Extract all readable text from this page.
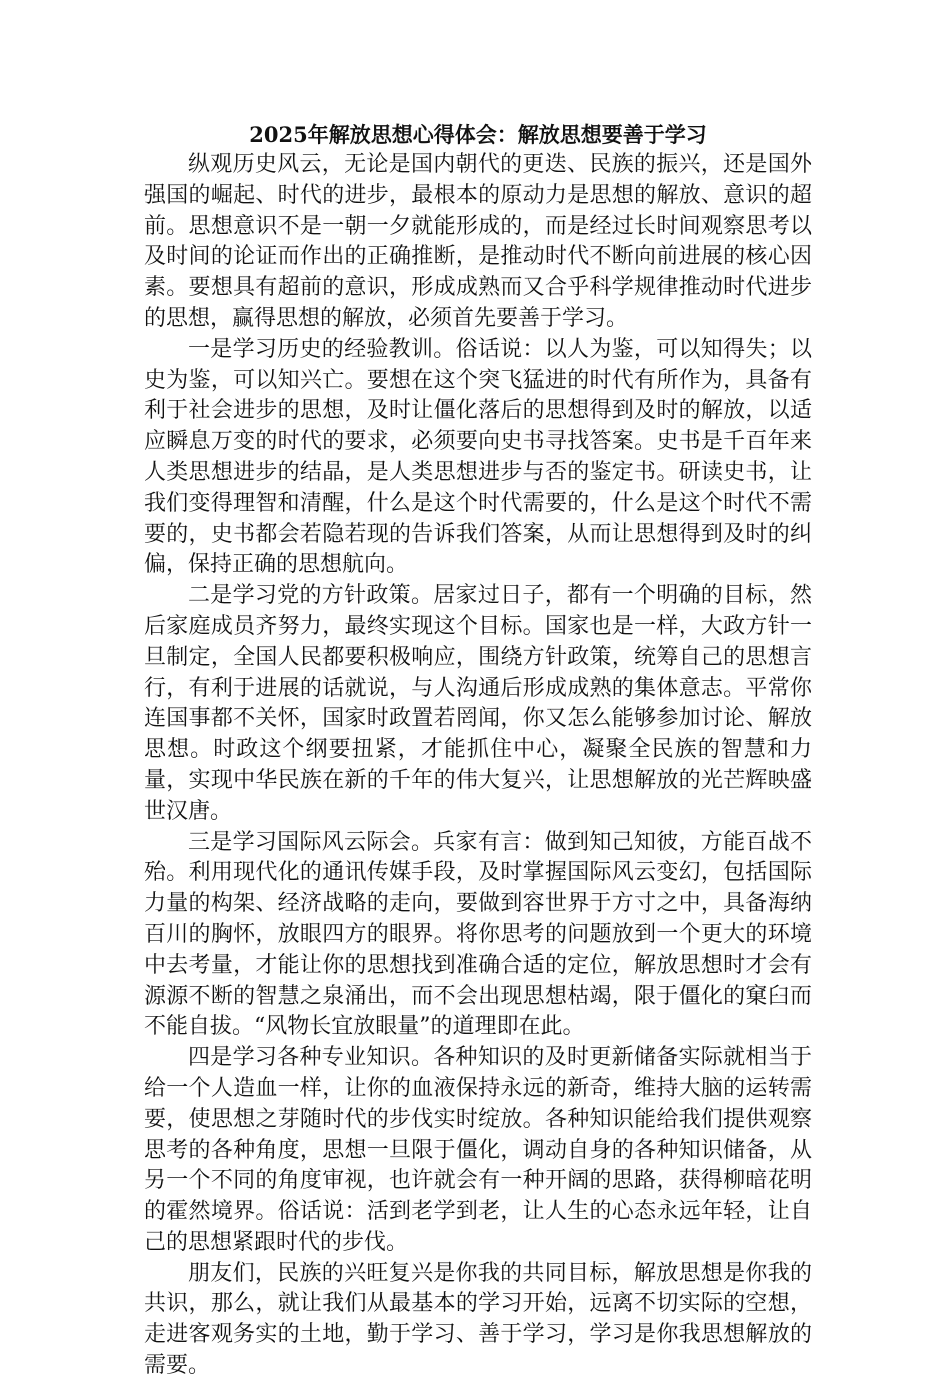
2025年解放思想心得体会：解放思想要善于学习

纵观历史风云，无论是国内朝代的更迭、民族的振兴，还是国外强国的崛起、时代的进步，最根本的原动力是思想的解放、意识的超前。思想意识不是一朝一夕就能形成的，而是经过长时间观察思考以及时间的论证而作出的正确推断，是推动时代不断向前进展的核心因素。要想具有超前的意识，形成成熟而又合乎科学规律推动时代进步的思想，赢得思想的解放，必须首先要善于学习。

一是学习历史的经验教训。俗话说：以人为鉴，可以知得失；以史为鉴，可以知兴亡。要想在这个突飞猛进的时代有所作为，具备有利于社会进步的思想，及时让僵化落后的思想得到及时的解放，以适应瞬息万变的时代的要求，必须要向史书寻找答案。史书是千百年来人类思想进步的结晶，是人类思想进步与否的鉴定书。研读史书，让我们变得理智和清醒，什么是这个时代需要的，什么是这个时代不需要的，史书都会若隐若现的告诉我们答案，从而让思想得到及时的纠偏，保持正确的思想航向。

二是学习党的方针政策。居家过日子，都有一个明确的目标，然后家庭成员齐努力，最终实现这个目标。国家也是一样，大政方针一旦制定，全国人民都要积极响应，围绕方针政策，统筹自己的思想言行，有利于进展的话就说，与人沟通后形成成熟的集体意志。平常你连国事都不关怀，国家时政置若罔闻，你又怎么能够参加讨论、解放思想。时政这个纲要扭紧，才能抓住中心，凝聚全民族的智慧和力量，实现中华民族在新的千年的伟大复兴，让思想解放的光芒辉映盛世汉唐。

三是学习国际风云际会。兵家有言：做到知己知彼，方能百战不殆。利用现代化的通讯传媒手段，及时掌握国际风云变幻，包括国际力量的构架、经济战略的走向，要做到容世界于方寸之中，具备海纳百川的胸怀，放眼四方的眼界。将你思考的问题放到一个更大的环境中去考量，才能让你的思想找到准确合适的定位，解放思想时才会有源源不断的智慧之泉涌出，而不会出现思想枯竭，限于僵化的窠臼而不能自拔。“风物长宜放眼量”的道理即在此。

四是学习各种专业知识。各种知识的及时更新储备实际就相当于给一个人造血一样，让你的血液保持永远的新奇，维持大脑的运转需要，使思想之芽随时代的步伐实时绽放。各种知识能给我们提供观察思考的各种角度，思想一旦限于僵化，调动自身的各种知识储备，从另一个不同的角度审视，也许就会有一种开阔的思路，获得柳暗花明的霍然境界。俗话说：活到老学到老，让人生的心态永远年轻，让自己的思想紧跟时代的步伐。

朋友们，民族的兴旺复兴是你我的共同目标，解放思想是你我的共识，那么，就让我们从最基本的学习开始，远离不切实际的空想，走进客观务实的土地，勤于学习、善于学习，学习是你我思想解放的需要。
